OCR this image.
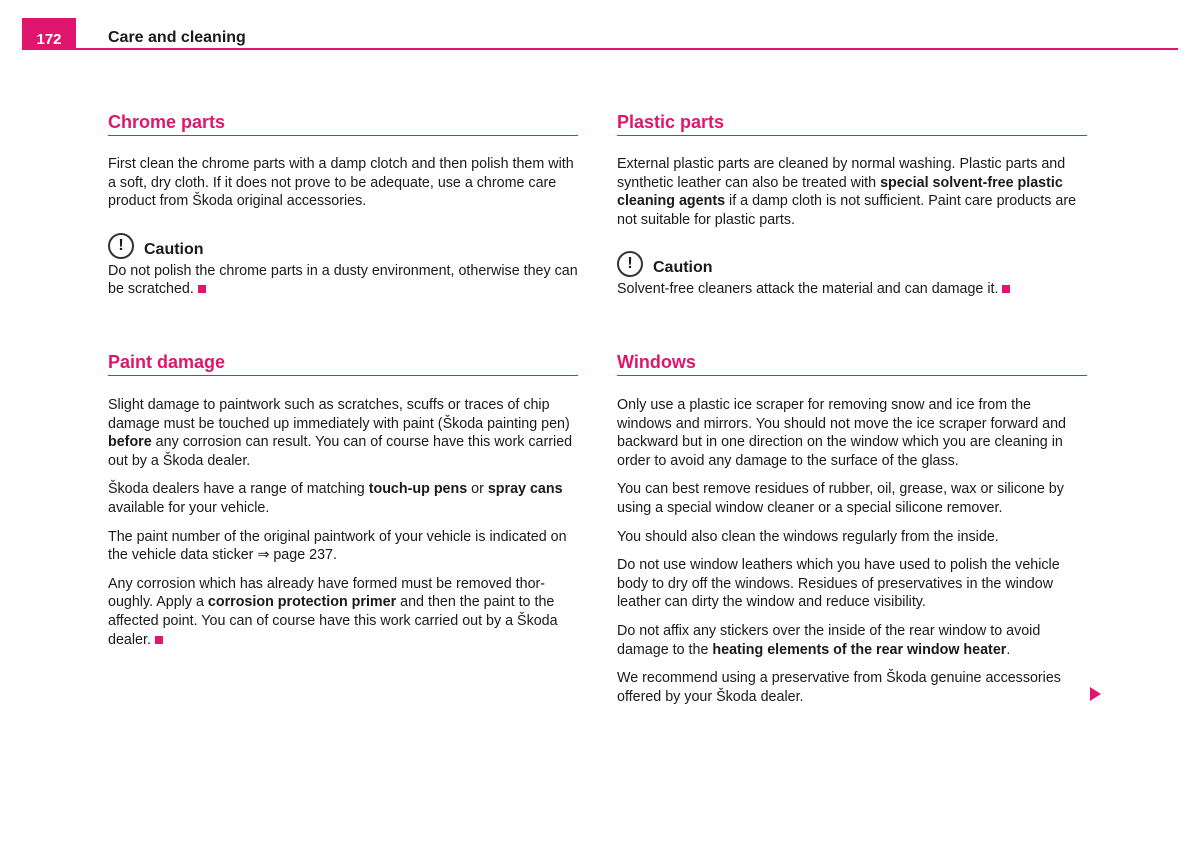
172	Care and cleaning
Chrome parts

First clean the chrome parts with a damp clotch and then polish them with a soft, dry cloth. If it does not prove to be adequate, use a chrome care product from Škoda original accessories.

!	Caution

Do not polish the chrome parts in a dusty environment, otherwise they can be scratched.

Paint damage

Slight damage to paintwork such as scratches, scuffs or traces of chip damage must be touched up immediately with paint (Škoda painting pen) before any corrosion can result. You can of course have this work carried out by a Škoda dealer.

Škoda dealers have a range of matching touch-up pens or spray cans available for your vehicle.

The paint number of the original paintwork of your vehicle is indicated on the vehicle data sticker ⇒ page 237.

Any corrosion which has already have formed must be removed thoroughly. Apply a corrosion protection primer and then the paint to the affected point. You can of course have this work carried out by a Škoda dealer.

Plastic parts

External plastic parts are cleaned by normal washing. Plastic parts and synthetic leather can also be treated with special solvent-free plastic cleaning agents if a damp cloth is not sufficient. Paint care products are not suitable for plastic parts.

!	Caution

Solvent-free cleaners attack the material and can damage it.

Windows

Only use a plastic ice scraper for removing snow and ice from the windows and mirrors. You should not move the ice scraper forward and backward but in one direction on the window which you are cleaning in order to avoid any damage to the surface of the glass.

You can best remove residues of rubber, oil, grease, wax or silicone by using a special window cleaner or a special silicone remover.

You should also clean the windows regularly from the inside.

Do not use window leathers which you have used to polish the vehicle body to dry off the windows. Residues of preservatives in the window leather can dirty the window and reduce visibility.

Do not affix any stickers over the inside of the rear window to avoid damage to the heating elements of the rear window heater.

We recommend using a preservative from Škoda genuine accessories offered by your Škoda dealer.
